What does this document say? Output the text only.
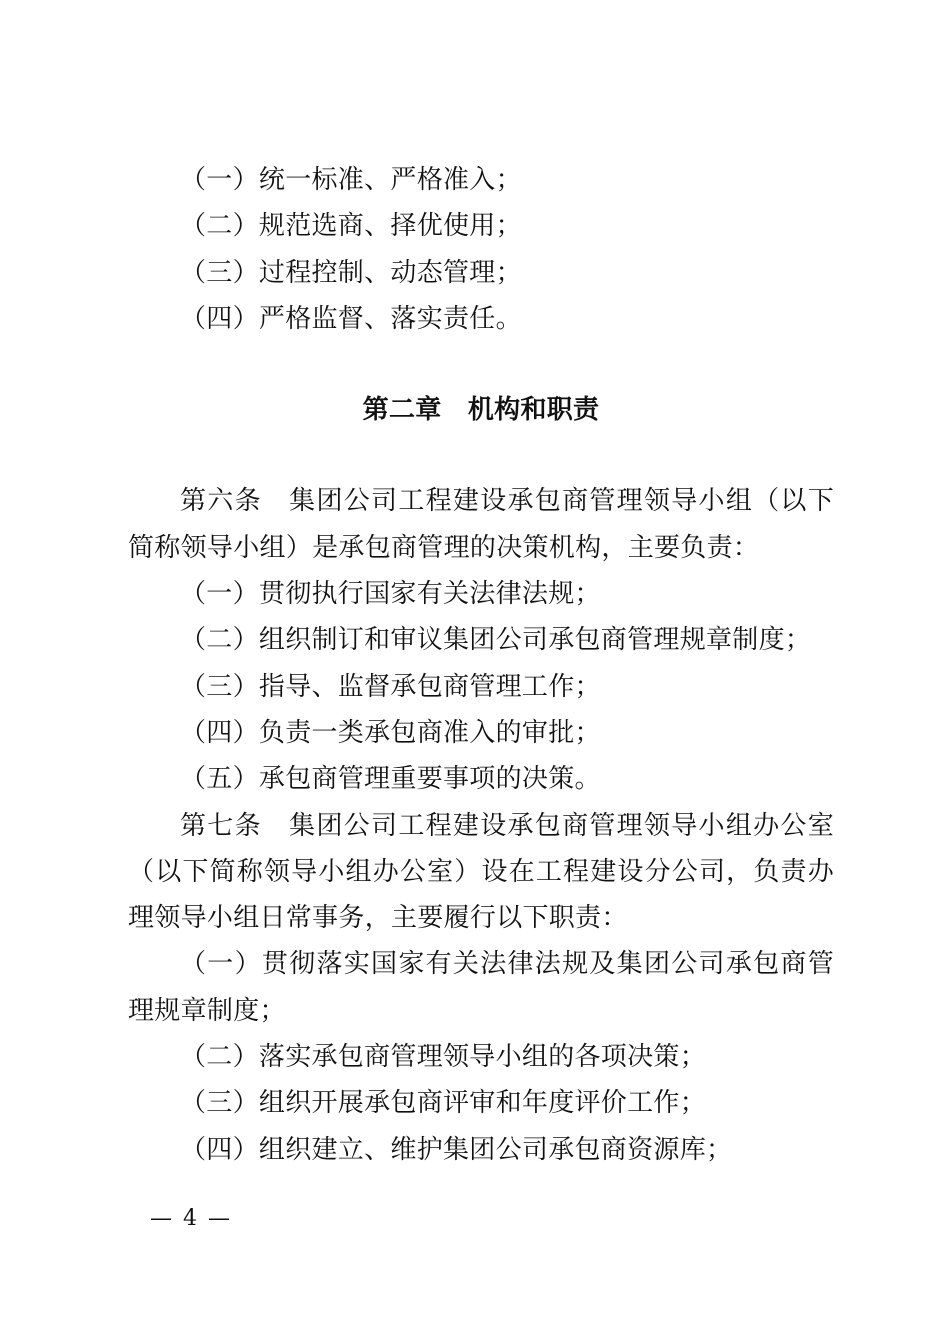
（一）统一标准、严格准入；

（二）规范选商、择优使用；

（三）过程控制、动态管理；

（四）严格监督、落实责任。

第二章　机构和职责

第六条　集团公司工程建设承包商管理领导小组（以下简称领导小组）是承包商管理的决策机构，主要负责：

（一）贯彻执行国家有关法律法规；

（二）组织制订和审议集团公司承包商管理规章制度；

（三）指导、监督承包商管理工作；

（四）负责一类承包商准入的审批；

（五）承包商管理重要事项的决策。

第七条　集团公司工程建设承包商管理领导小组办公室（以下简称领导小组办公室）设在工程建设分公司，负责办理领导小组日常事务，主要履行以下职责：

（一）贯彻落实国家有关法律法规及集团公司承包商管理规章制度；

（二）落实承包商管理领导小组的各项决策；

（三）组织开展承包商评审和年度评价工作；

（四）组织建立、维护集团公司承包商资源库；

— 4 —
